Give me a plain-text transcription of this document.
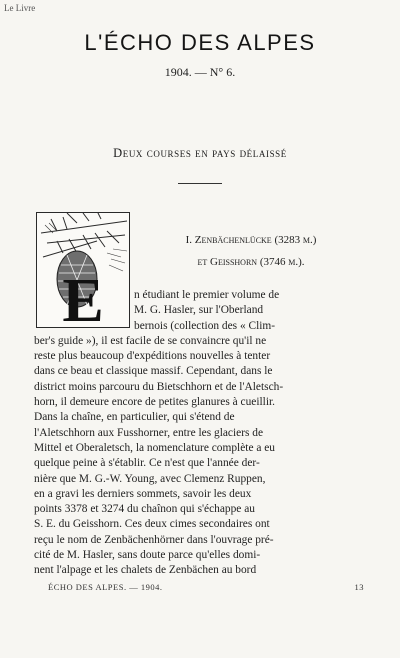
Le Livre
L'ÉCHO DES ALPES
1904. — N° 6.
Deux courses en pays délaissé
E
I. Zenbächenlücke (3283 m.)
et Geisshorn (3746 m.).
n étudiant le premier volume de
M. G. Hasler, sur l'Oberland
bernois (collection des « Clim-
ber's guide »), il est facile de se convaincre qu'il ne
reste plus beaucoup d'expéditions nouvelles à tenter
dans ce beau et classique massif. Cependant, dans le
district moins parcouru du Bietschhorn et de l'Aletsch-
horn, il demeure encore de petites glanures à cueillir.
Dans la chaîne, en particulier, qui s'étend de
l'Aletschhorn aux Fusshorner, entre les glaciers de
Mittel et Oberaletsch, la nomenclature complète a eu
quelque peine à s'établir. Ce n'est que l'année der-
nière que M. G.-W. Young, avec Clemenz Ruppen,
en a gravi les derniers sommets, savoir les deux
points 3378 et 3274 du chaînon qui s'échappe au
S. E. du Geisshorn. Ces deux cimes secondaires ont
reçu le nom de Zenbächenhörner dans l'ouvrage pré-
cité de M. Hasler, sans doute parce qu'elles domi-
nent l'alpage et les chalets de Zenbächen au bord
ÉCHO DES ALPES. — 1904.	13
